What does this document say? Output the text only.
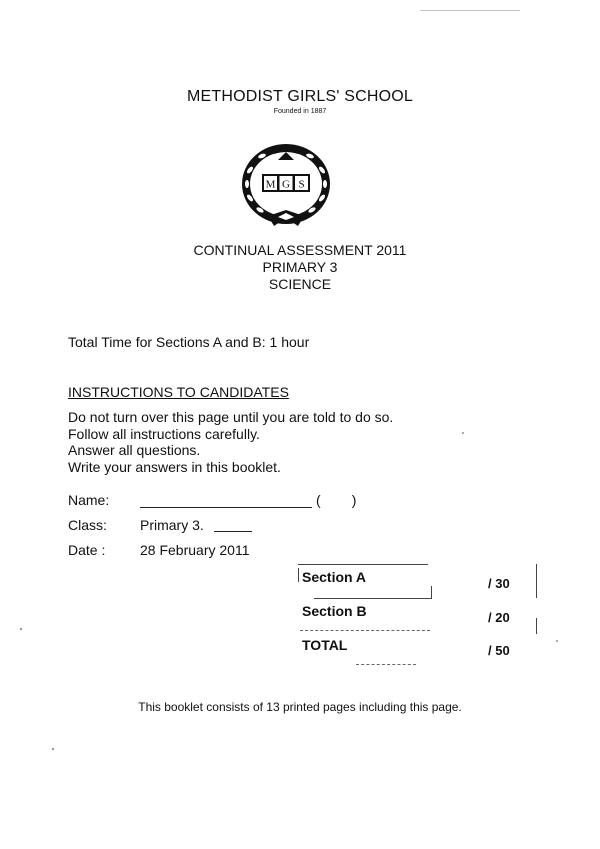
METHODIST GIRLS' SCHOOL
Founded in 1887
M G S
CONTINUAL ASSESSMENT 2011
PRIMARY 3
SCIENCE
Total Time for Sections A and B: 1 hour
INSTRUCTIONS TO CANDIDATES
Do not turn over this page until you are told to do so.
Follow all instructions carefully.
Answer all questions.
Write your answers in this booklet.
Name:	(        )
Class: Primary 3.
Date : 28 February 2011
Section A	/ 30
Section B	/ 20
TOTAL	/ 50
This booklet consists of 13 printed pages including this page.
